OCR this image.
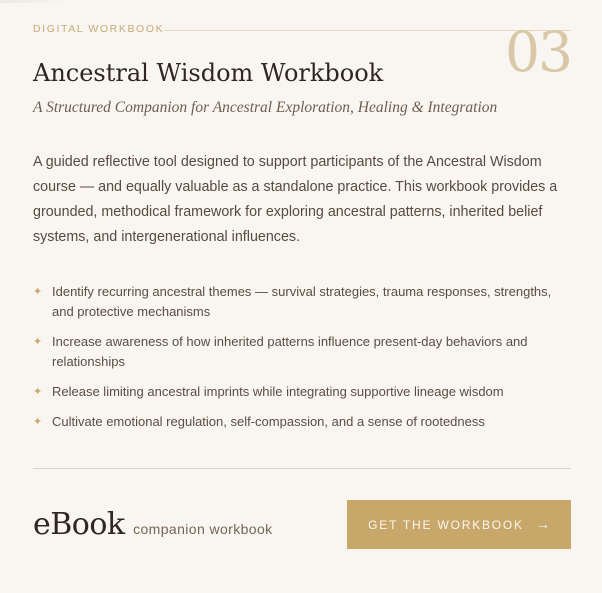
DIGITAL WORKBOOK	03
Ancestral Wisdom Workbook
A Structured Companion for Ancestral Exploration, Healing & Integration

A guided reflective tool designed to support participants of the Ancestral Wisdom course — and equally valuable as a standalone practice. This workbook provides a grounded, methodical framework for exploring ancestral patterns, inherited belief systems, and intergenerational influences.

✦ Identify recurring ancestral themes — survival strategies, trauma responses, strengths, and protective mechanisms
✦ Increase awareness of how inherited patterns influence present-day behaviors and relationships
✦ Release limiting ancestral imprints while integrating supportive lineage wisdom
✦ Cultivate emotional regulation, self-compassion, and a sense of rootedness
eBook companion workbook	GET THE WORKBOOK →
